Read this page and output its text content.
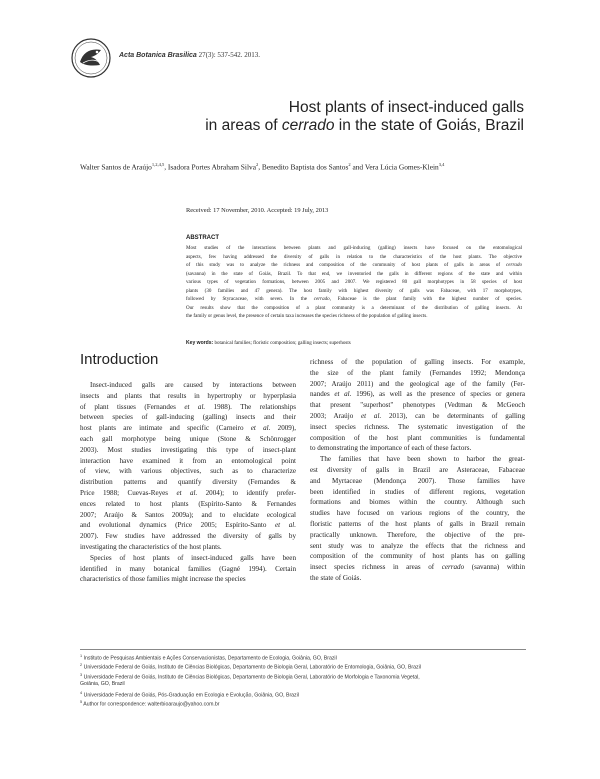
Acta Botanica Brasilica 27(3): 537-542. 2013.
Host plants of insect-induced galls
in areas of cerrado in the state of Goiás, Brazil
Walter Santos de Araújo$^{1,2,4,5}$, Isadora Portes Abraham Silva$^2$, Benedito Baptista dos Santos$^2$ and Vera Lúcia Gomes-Klein$^{3,4}$
Received: 17 November, 2010. Accepted: 19 July, 2013
ABSTRACT
Most studies of the interactions between plants and gall-inducing (galling) insects have focused on the entomological
aspects, few having addressed the diversity of galls in relation to the characteristics of the host plants. The objective
of this study was to analyze the richness and composition of the community of host plants of galls in areas of cerrado
(savanna) in the state of Goiás, Brazil. To that end, we inventoried the galls in different regions of the state and within
various types of vegetation formations, between 2005 and 2007. We registered 80 gall morphotypes in 58 species of host
plants (30 families and 47 genera). The host family with highest diversity of galls was Fabaceae, with 17 morphotypes,
followed by Styracaceae, with seven. In the cerrado, Fabaceae is the plant family with the highest number of species.
Our results show that the composition of a plant community is a determinant of the distribution of galling insects. At
the family or genus level, the presence of certain taxa increases the species richness of the population of galling insects.
Key words: botanical families; floristic composition; galling insects; superhosts
Introduction
Insect-induced galls are caused by interactions between
insects and plants that results in hypertrophy or hyperplasia
of plant tissues (Fernandes et al. 1988). The relationships
between species of gall-inducing (galling) insects and their
host plants are intimate and specific (Carneiro et al. 2009),
each gall morphotype being unique (Stone & Schönrogger
2003). Most studies investigating this type of insect-plant
interaction have examined it from an entomological point
of view, with various objectives, such as to characterize
distribution patterns and quantify diversity (Fernandes &
Price 1988; Cuevas-Reyes et al. 2004); to identify prefer-
ences related to host plants (Espírito-Santo & Fernandes
2007; Araújo & Santos 2009a); and to elucidate ecological
and evolutional dynamics (Price 2005; Espírito-Santo et al.
2007). Few studies have addressed the diversity of galls by
investigating the characteristics of the host plants.
Species of host plants of insect-induced galls have been
identified in many botanical families (Gagné 1994). Certain
characteristics of those families might increase the species
richness of the population of galling insects. For example,
the size of the plant family (Fernandes 1992; Mendonça
2007; Araújo 2011) and the geological age of the family (Fer-
nandes et al. 1996), as well as the presence of species or genera
that present "superhost" phenotypes (Vedtman & McGeoch
2003; Araújo et al. 2013), can be determinants of galling
insect species richness. The systematic investigation of the
composition of the host plant communities is fundamental
to demonstrating the importance of each of these factors.
The families that have been shown to harbor the great-
est diversity of galls in Brazil are Asteraceae, Fabaceae
and Myrtaceae (Mendonça 2007). Those families have
been identified in studies of different regions, vegetation
formations and biomes within the country. Although such
studies have focused on various regions of the country, the
floristic patterns of the host plants of galls in Brazil remain
practically unknown. Therefore, the objective of the pre-
sent study was to analyze the effects that the richness and
composition of the community of host plants has on galling
insect species richness in areas of cerrado (savanna) within
the state of Goiás.
$^1$ Instituto de Pesquisas Ambientais e Ações Conservacionistas, Departamento de Ecologia, Goiânia, GO, Brazil
$^2$ Universidade Federal de Goiás, Instituto de Ciências Biológicas, Departamento de Biologia Geral, Laboratório de Entomologia, Goiânia, GO, Brazil
$^3$ Universidade Federal de Goiás, Instituto de Ciências Biológicas, Departamento de Biologia Geral, Laboratório de Morfologia e Taxonomia Vegetal,
Goiânia, GO, Brazil
$^4$ Universidade Federal de Goiás, Pós-Graduação em Ecologia e Evolução, Goiânia, GO, Brazil
$^5$ Author for correspondence: walterbioaraujo@yahoo.com.br
